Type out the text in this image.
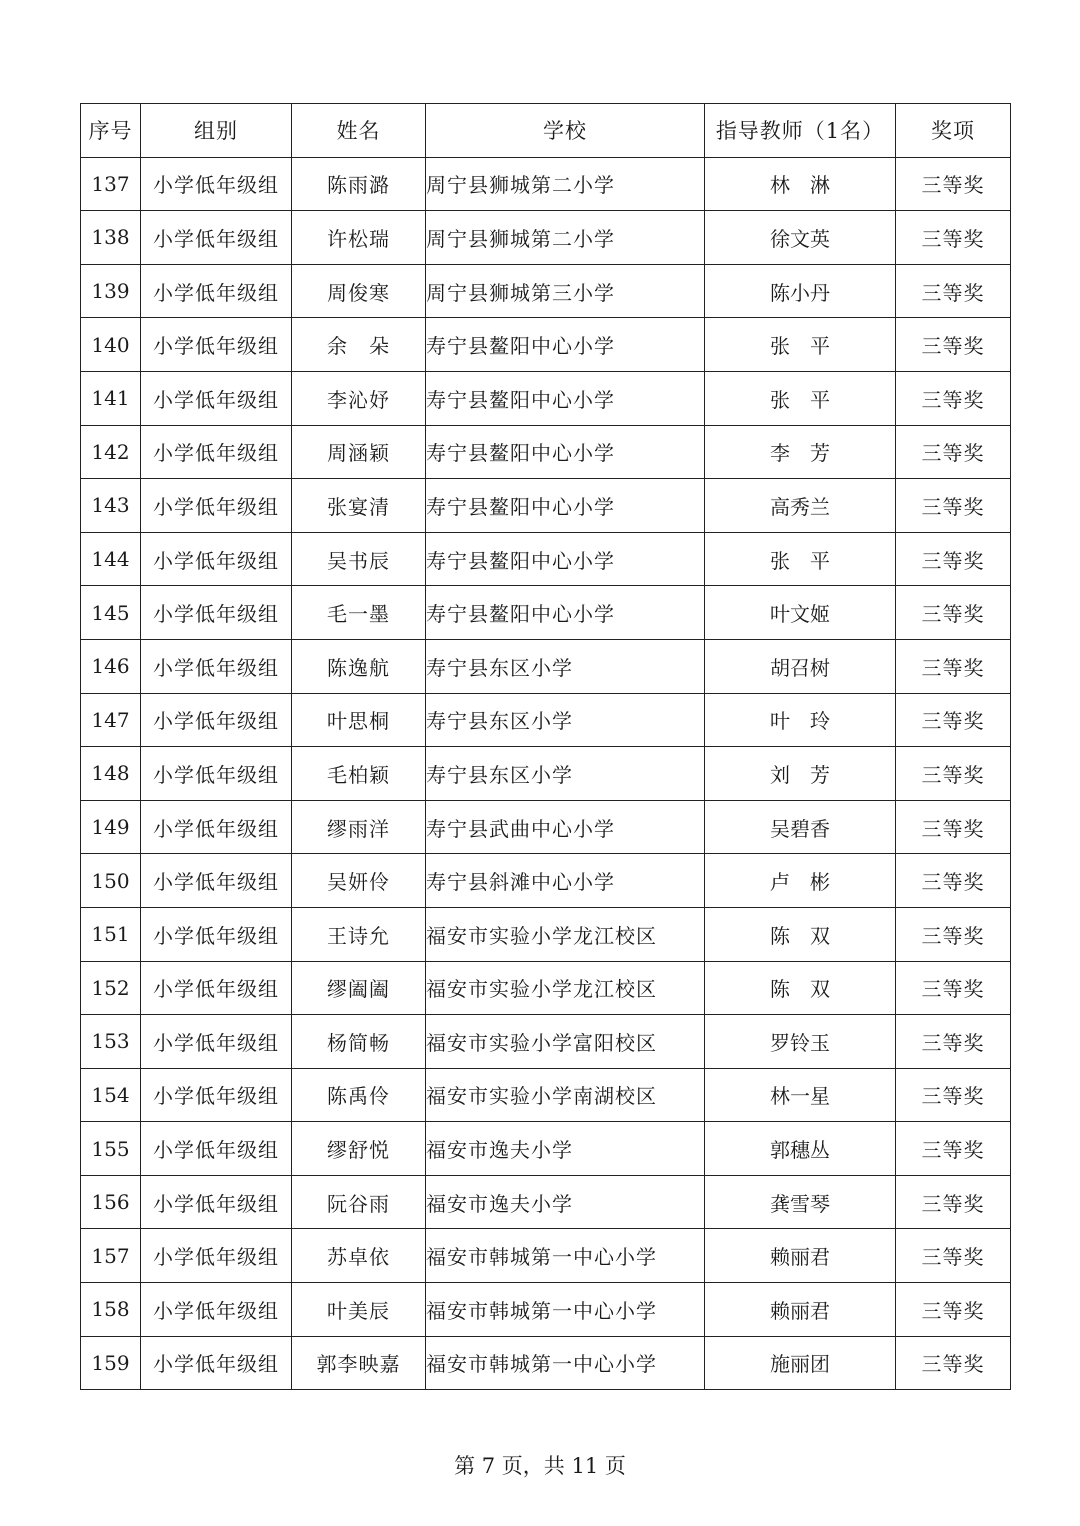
序号	组别	姓名	学校	指导教师（1名）	奖项
137	小学低年级组	陈雨潞	周宁县狮城第二小学	林　淋	三等奖
138	小学低年级组	许松瑞	周宁县狮城第二小学	徐文英	三等奖
139	小学低年级组	周俊寒	周宁县狮城第三小学	陈小丹	三等奖
140	小学低年级组	余　朵	寿宁县鳌阳中心小学	张　平	三等奖
141	小学低年级组	李沁妤	寿宁县鳌阳中心小学	张　平	三等奖
142	小学低年级组	周涵颖	寿宁县鳌阳中心小学	李　芳	三等奖
143	小学低年级组	张宴清	寿宁县鳌阳中心小学	高秀兰	三等奖
144	小学低年级组	吴书辰	寿宁县鳌阳中心小学	张　平	三等奖
145	小学低年级组	毛一墨	寿宁县鳌阳中心小学	叶文姬	三等奖
146	小学低年级组	陈逸航	寿宁县东区小学	胡召树	三等奖
147	小学低年级组	叶思桐	寿宁县东区小学	叶　玲	三等奖
148	小学低年级组	毛柏颖	寿宁县东区小学	刘　芳	三等奖
149	小学低年级组	缪雨洋	寿宁县武曲中心小学	吴碧香	三等奖
150	小学低年级组	吴妍伶	寿宁县斜滩中心小学	卢　彬	三等奖
151	小学低年级组	王诗允	福安市实验小学龙江校区	陈　双	三等奖
152	小学低年级组	缪阖阖	福安市实验小学龙江校区	陈　双	三等奖
153	小学低年级组	杨简畅	福安市实验小学富阳校区	罗铃玉	三等奖
154	小学低年级组	陈禹伶	福安市实验小学南湖校区	林一星	三等奖
155	小学低年级组	缪舒悦	福安市逸夫小学	郭穗丛	三等奖
156	小学低年级组	阮谷雨	福安市逸夫小学	龚雪琴	三等奖
157	小学低年级组	苏卓依	福安市韩城第一中心小学	赖丽君	三等奖
158	小学低年级组	叶美辰	福安市韩城第一中心小学	赖丽君	三等奖
159	小学低年级组	郭李映嘉	福安市韩城第一中心小学	施丽团	三等奖
第 7 页，共 11 页
